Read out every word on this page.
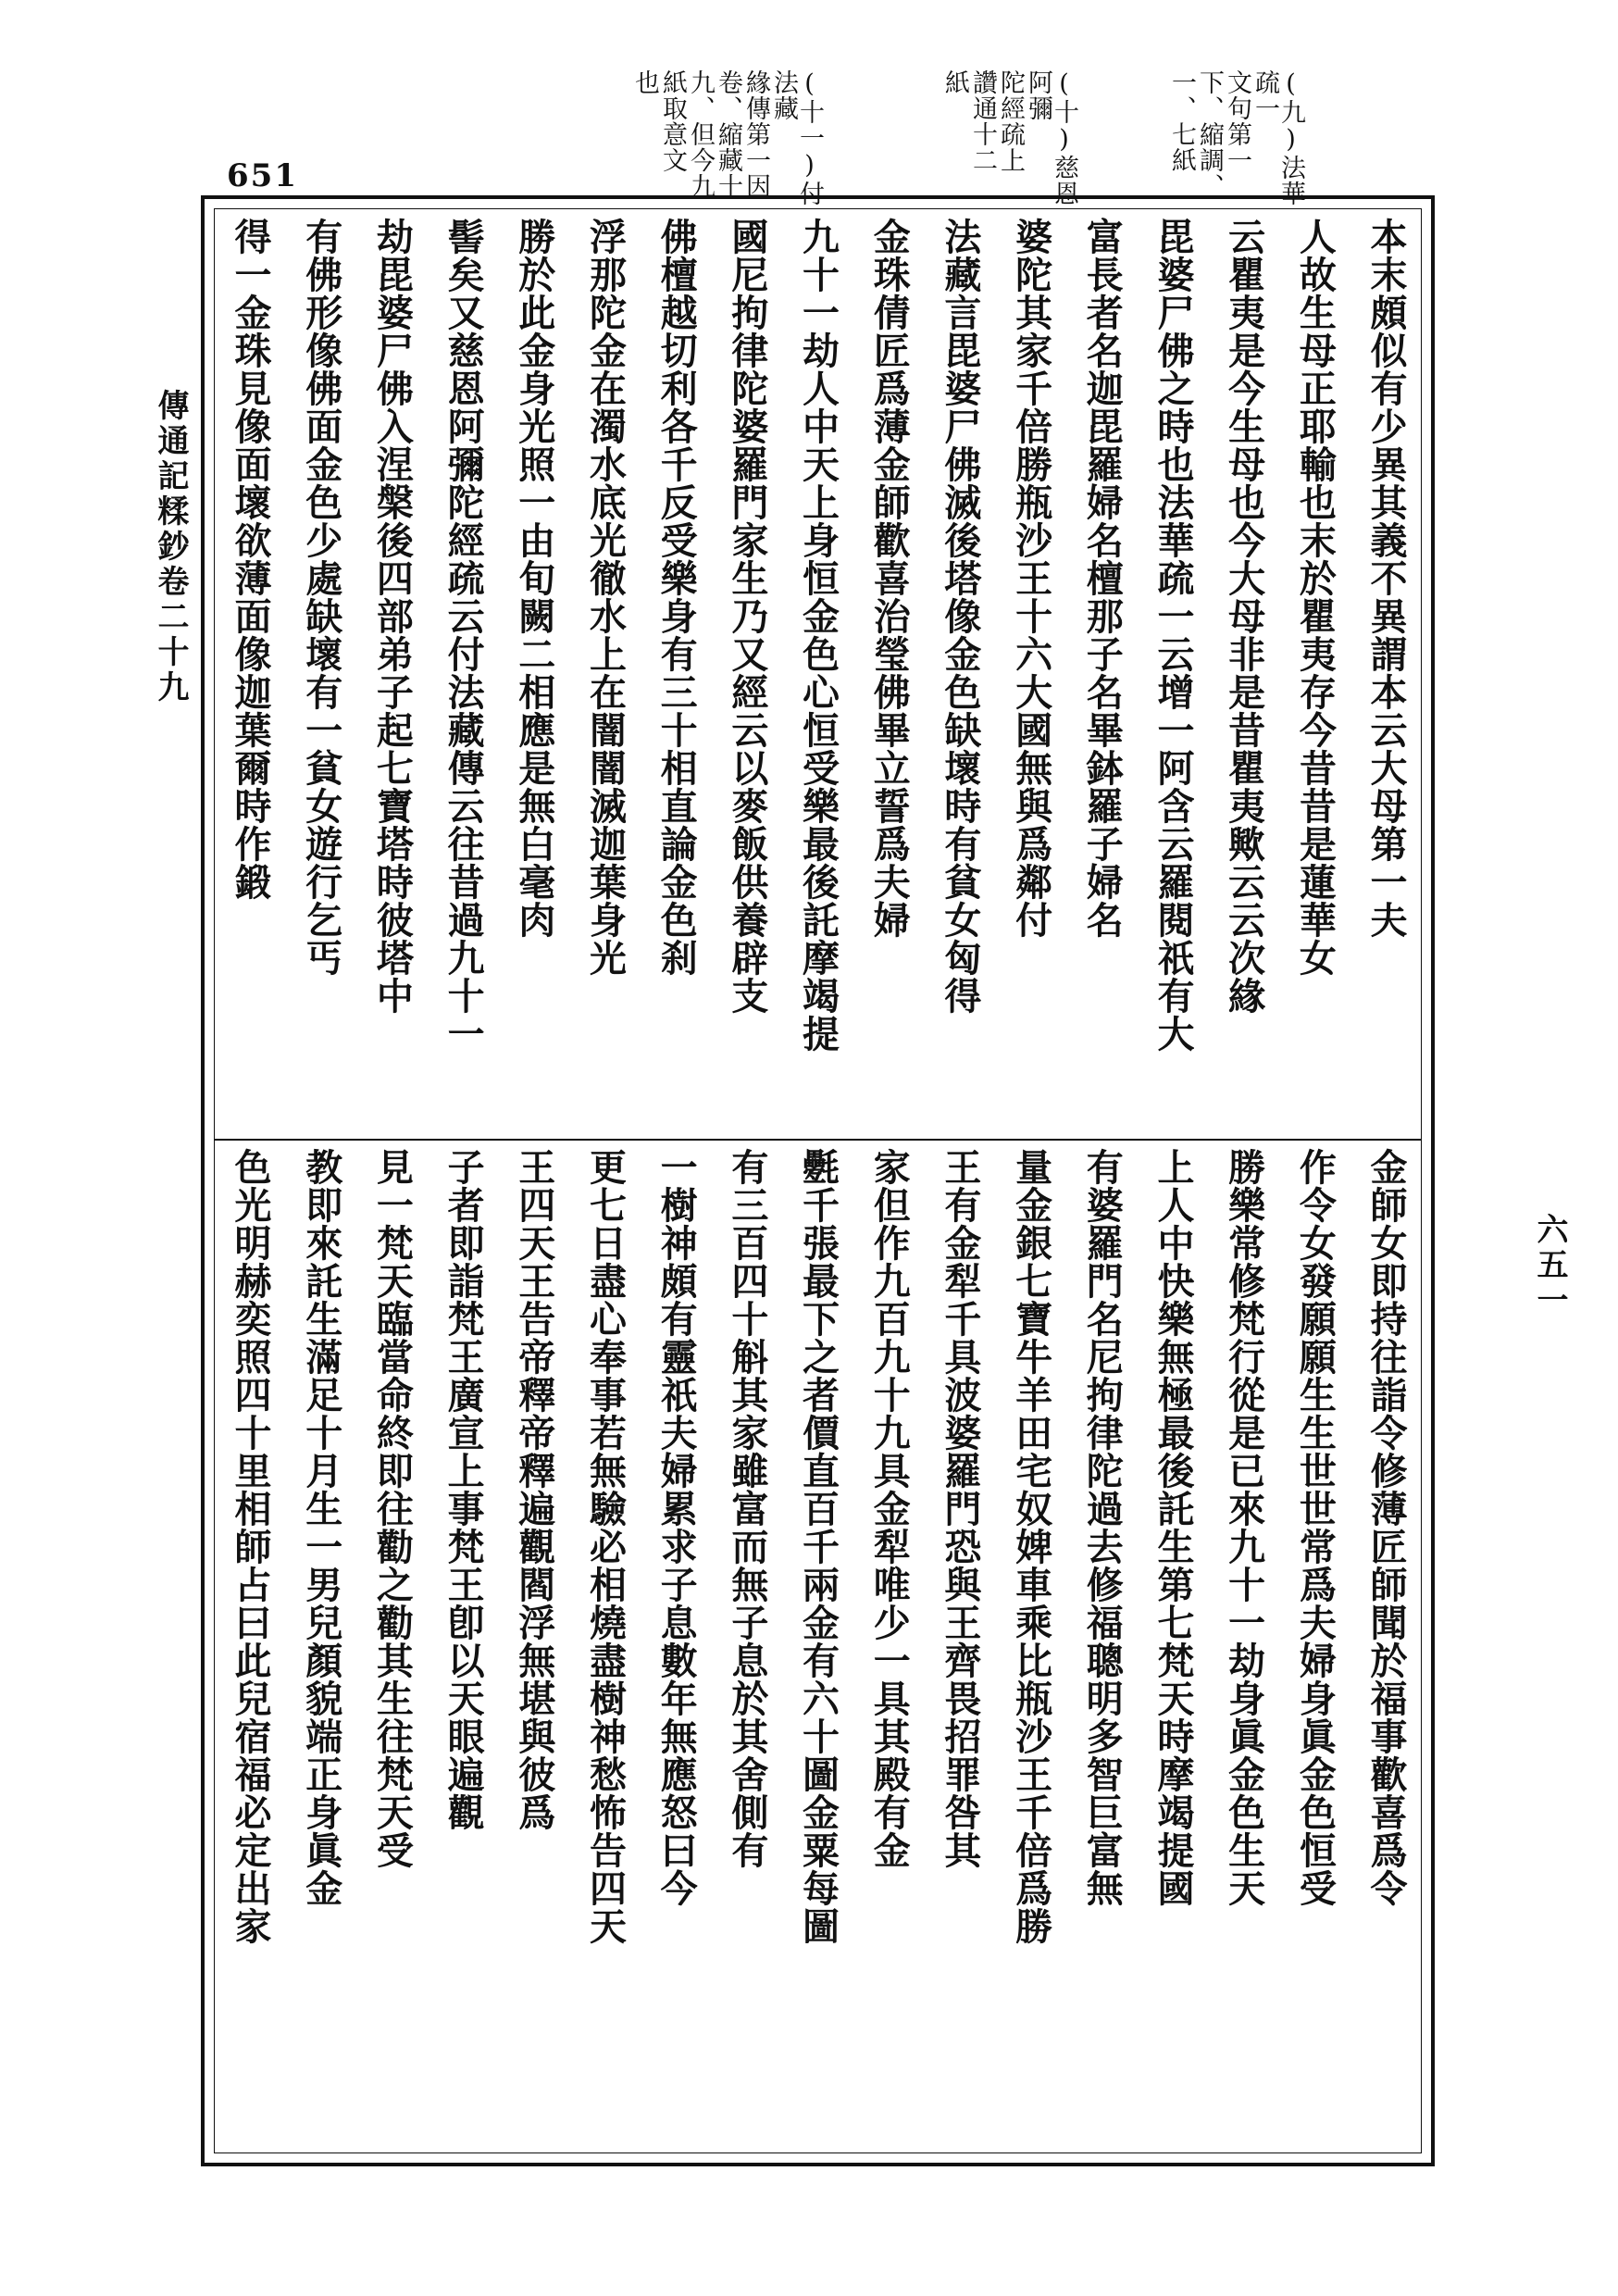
651	(九)法華疏一
文句第一
下、縮調、
一、七紙
(十)慈恩阿彌
陀經疏上
讚通十二
紙
(十一)付法藏
緣傳第一因
卷、縮藏十
九、但今九
紙取意文
也
傳通記糅鈔卷二十九
六五一
本末頗似有少異其義不異謂本云大母第一夫
人故生母正耶輸也末於瞿夷存今昔昔是蓮華女
云瞿夷是今生母也今大母非是昔瞿夷歟云云次緣
毘婆尸佛之時也法華疏一云增一阿含云羅閱祇有大
富長者名迦毘羅婦名檀那子名畢鉢羅子婦名
婆陀其家千倍勝瓶沙王十六大國無與爲鄰付
法藏言毘婆尸佛滅後塔像金色缺壞時有貧女匈得
金珠倩匠爲薄金師歡喜治瑩佛畢立誓爲夫婦
九十一劫人中天上身恒金色心恒受樂最後託摩竭提
國尼拘律陀婆羅門家生乃又經云以麥飯供養辟支
佛檀越切利各千反受樂身有三十相直論金色刹
浮那陀金在濁水底光徹水上在闇闇滅迦葉身光
勝於此金身光照一由旬闕二相應是無白毫肉
髻矣又慈恩阿彌陀經疏云付法藏傳云往昔過九十一
劫毘婆尸佛入涅槃後四部弟子起七寶塔時彼塔中
有佛形像佛面金色少處缺壞有一貧女遊行乞丐
得一金珠見像面壞欲薄面像迦葉爾時作鍛
金師女即持往詣令修薄匠師聞於福事歡喜爲令
作令女發願願生生世世常爲夫婦身眞金色恒受
勝樂常修梵行從是已來九十一劫身眞金色生天
上人中快樂無極最後託生第七梵天時摩竭提國
有婆羅門名尼拘律陀過去修福聰明多智巨富無
量金銀七寶牛羊田宅奴婢車乘比瓶沙王千倍爲勝
王有金犁千具波婆羅門恐與王齊畏招罪咎其
家但作九百九十九具金犁唯少一具其殿有金
氎千張最下之者價直百千兩金有六十圖金粟每圖
有三百四十斛其家雖富而無子息於其舍側有
一樹神頗有靈祇夫婦累求子息數年無應怒曰今
更七日盡心奉事若無驗必相燒盡樹神愁怖告四天
王四天王告帝釋帝釋遍觀閻浮無堪與彼爲
子者即詣梵王廣宣上事梵王卽以天眼遍觀
見一梵天臨當命終即往勸之勸其生往梵天受
教即來託生滿足十月生一男兒顏貌端正身眞金
色光明赫奕照四十里相師占曰此兒宿福必定出家
